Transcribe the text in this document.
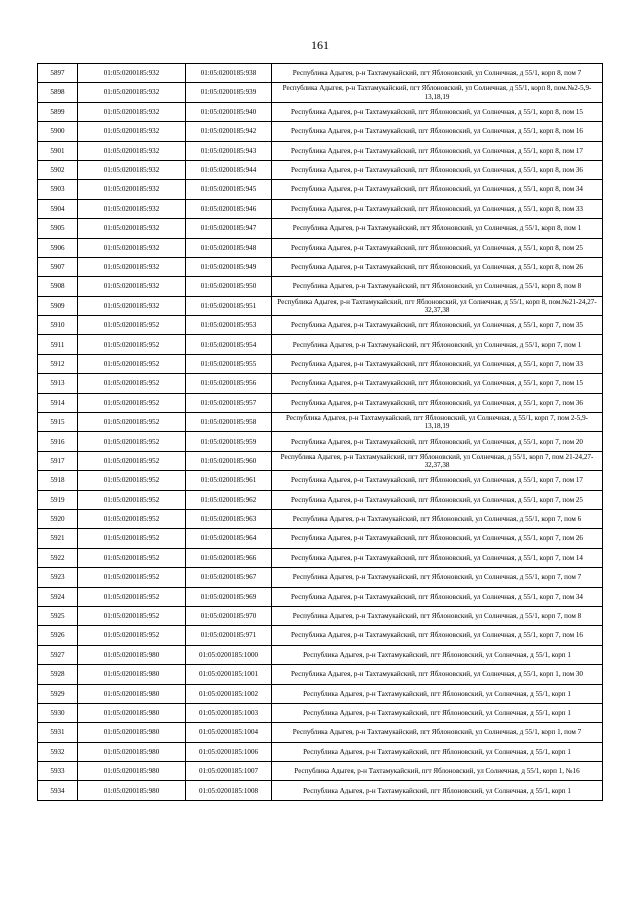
161
5897	01:05:0200185:932	01:05:0200185:938	Республика Адыгея, р-н Тахтамукайский, пгт Яблоновский, ул Солнечная, д 55/1, корп 8, пом 7
5898	01:05:0200185:932	01:05:0200185:939	Республика Адыгея, р-н Тахтамукайский, пгт Яблоновский, ул Солнечная, д 55/1, корп 8, пом.№2-5,9-13,18,19
5899	01:05:0200185:932	01:05:0200185:940	Республика Адыгея, р-н Тахтамукайский, пгт Яблоновский, ул Солнечная, д 55/1, корп 8, пом 15
5900	01:05:0200185:932	01:05:0200185:942	Республика Адыгея, р-н Тахтамукайский, пгт Яблоновский, ул Солнечная, д 55/1, корп 8, пом 16
5901	01:05:0200185:932	01:05:0200185:943	Республика Адыгея, р-н Тахтамукайский, пгт Яблоновский, ул Солнечная, д 55/1, корп 8, пом 17
5902	01:05:0200185:932	01:05:0200185:944	Республика Адыгея, р-н Тахтамукайский, пгт Яблоновский, ул Солнечная, д 55/1, корп 8, пом 36
5903	01:05:0200185:932	01:05:0200185:945	Республика Адыгея, р-н Тахтамукайский, пгт Яблоновский, ул Солнечная, д 55/1, корп 8, пом 34
5904	01:05:0200185:932	01:05:0200185:946	Республика Адыгея, р-н Тахтамукайский, пгт Яблоновский, ул Солнечная, д 55/1, корп 8, пом 33
5905	01:05:0200185:932	01:05:0200185:947	Республика Адыгея, р-н Тахтамукайский, пгт Яблоновский, ул Солнечная, д 55/1, корп 8, пом 1
5906	01:05:0200185:932	01:05:0200185:948	Республика Адыгея, р-н Тахтамукайский, пгт Яблоновский, ул Солнечная, д 55/1, корп 8, пом 25
5907	01:05:0200185:932	01:05:0200185:949	Республика Адыгея, р-н Тахтамукайский, пгт Яблоновский, ул Солнечная, д 55/1, корп 8, пом 26
5908	01:05:0200185:932	01:05:0200185:950	Республика Адыгея, р-н Тахтамукайский, пгт Яблоновский, ул Солнечная, д 55/1, корп 8, пом 8
5909	01:05:0200185:932	01:05:0200185:951	Республика Адыгея, р-н Тахтамукайский, пгт Яблоновский, ул Солнечная, д 55/1, корп 8, пом.№21-24,27-32,37,38
5910	01:05:0200185:952	01:05:0200185:953	Республика Адыгея, р-н Тахтамукайский, пгт Яблоновский, ул Солнечная, д 55/1, корп 7, пом 35
5911	01:05:0200185:952	01:05:0200185:954	Республика Адыгея, р-н Тахтамукайский, пгт Яблоновский, ул Солнечная, д 55/1, корп 7, пом 1
5912	01:05:0200185:952	01:05:0200185:955	Республика Адыгея, р-н Тахтамукайский, пгт Яблоновский, ул Солнечная, д 55/1, корп 7, пом 33
5913	01:05:0200185:952	01:05:0200185:956	Республика Адыгея, р-н Тахтамукайский, пгт Яблоновский, ул Солнечная, д 55/1, корп 7, пом 15
5914	01:05:0200185:952	01:05:0200185:957	Республика Адыгея, р-н Тахтамукайский, пгт Яблоновский, ул Солнечная, д 55/1, корп 7, пом 36
5915	01:05:0200185:952	01:05:0200185:958	Республика Адыгея, р-н Тахтамукайский, пгт Яблоновский, ул Солнечная, д 55/1, корп 7, пом 2-5,9-13,18,19
5916	01:05:0200185:952	01:05:0200185:959	Республика Адыгея, р-н Тахтамукайский, пгт Яблоновский, ул Солнечная, д 55/1, корп 7, пом 20
5917	01:05:0200185:952	01:05:0200185:960	Республика Адыгея, р-н Тахтамукайский, пгт Яблоновский, ул Солнечная, д 55/1, корп 7, пом 21-24,27-32,37,38
5918	01:05:0200185:952	01:05:0200185:961	Республика Адыгея, р-н Тахтамукайский, пгт Яблоновский, ул Солнечная, д 55/1, корп 7, пом 17
5919	01:05:0200185:952	01:05:0200185:962	Республика Адыгея, р-н Тахтамукайский, пгт Яблоновский, ул Солнечная, д 55/1, корп 7, пом 25
5920	01:05:0200185:952	01:05:0200185:963	Республика Адыгея, р-н Тахтамукайский, пгт Яблоновский, ул Солнечная, д 55/1, корп 7, пом 6
5921	01:05:0200185:952	01:05:0200185:964	Республика Адыгея, р-н Тахтамукайский, пгт Яблоновский, ул Солнечная, д 55/1, корп 7, пом 26
5922	01:05:0200185:952	01:05:0200185:966	Республика Адыгея, р-н Тахтамукайский, пгт Яблоновский, ул Солнечная, д 55/1, корп 7, пом 14
5923	01:05:0200185:952	01:05:0200185:967	Республика Адыгея, р-н Тахтамукайский, пгт Яблоновский, ул Солнечная, д 55/1, корп 7, пом 7
5924	01:05:0200185:952	01:05:0200185:969	Республика Адыгея, р-н Тахтамукайский, пгт Яблоновский, ул Солнечная, д 55/1, корп 7, пом 34
5925	01:05:0200185:952	01:05:0200185:970	Республика Адыгея, р-н Тахтамукайский, пгт Яблоновский, ул Солнечная, д 55/1, корп 7, пом 8
5926	01:05:0200185:952	01:05:0200185:971	Республика Адыгея, р-н Тахтамукайский, пгт Яблоновский, ул Солнечная, д 55/1, корп 7, пом 16
5927	01:05:0200185:980	01:05:0200185:1000	Республика Адыгея, р-н Тахтамукайский, пгт Яблоновский, ул Солнечная, д 55/1, корп 1
5928	01:05:0200185:980	01:05:0200185:1001	Республика Адыгея, р-н Тахтамукайский, пгт Яблоновский, ул Солнечная, д 55/1, корп 1, пом 30
5929	01:05:0200185:980	01:05:0200185:1002	Республика Адыгея, р-н Тахтамукайский, пгт Яблоновский, ул Солнечная, д 55/1, корп 1
5930	01:05:0200185:980	01:05:0200185:1003	Республика Адыгея, р-н Тахтамукайский, пгт Яблоновский, ул Солнечная, д 55/1, корп 1
5931	01:05:0200185:980	01:05:0200185:1004	Республика Адыгея, р-н Тахтамукайский, пгт Яблоновский, ул Солнечная, д 55/1, корп 1, пом 7
5932	01:05:0200185:980	01:05:0200185:1006	Республика Адыгея, р-н Тахтамукайский, пгт Яблоновский, ул Солнечная, д 55/1, корп 1
5933	01:05:0200185:980	01:05:0200185:1007	Республика Адыгея, р-н Тахтамукайский, пгт Яблоновский, ул Солнечная, д 55/1, корп 1, №16
5934	01:05:0200185:980	01:05:0200185:1008	Республика Адыгея, р-н Тахтамукайский, пгт Яблоновский, ул Солнечная, д 55/1, корп 1
